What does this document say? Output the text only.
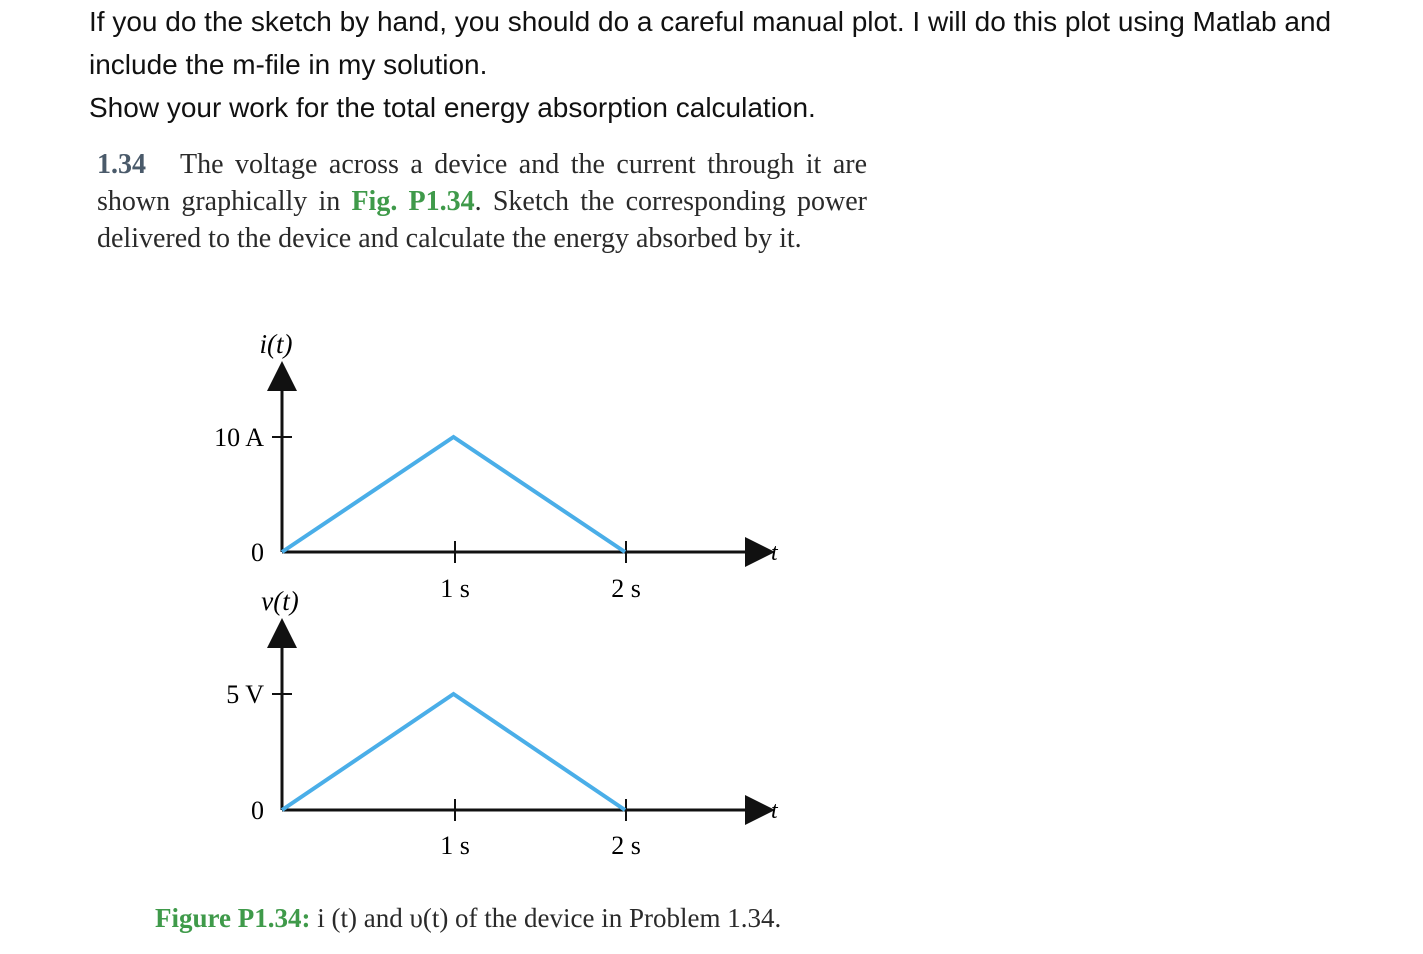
If you do the sketch by hand, you should do a careful manual plot. I will do this plot using Matlab and include the m-file in my solution.

Show your work for the total energy absorption calculation.

1.34 The voltage across a device and the current through it are shown graphically in Fig. P1.34. Sketch the corresponding power delivered to the device and calculate the energy absorbed by it.
i(t)
10 A
0
1 s	2 s
t
v(t)
5 V
0
1 s	2 s
t
Figure P1.34: i (t) and υ(t) of the device in Problem 1.34.
